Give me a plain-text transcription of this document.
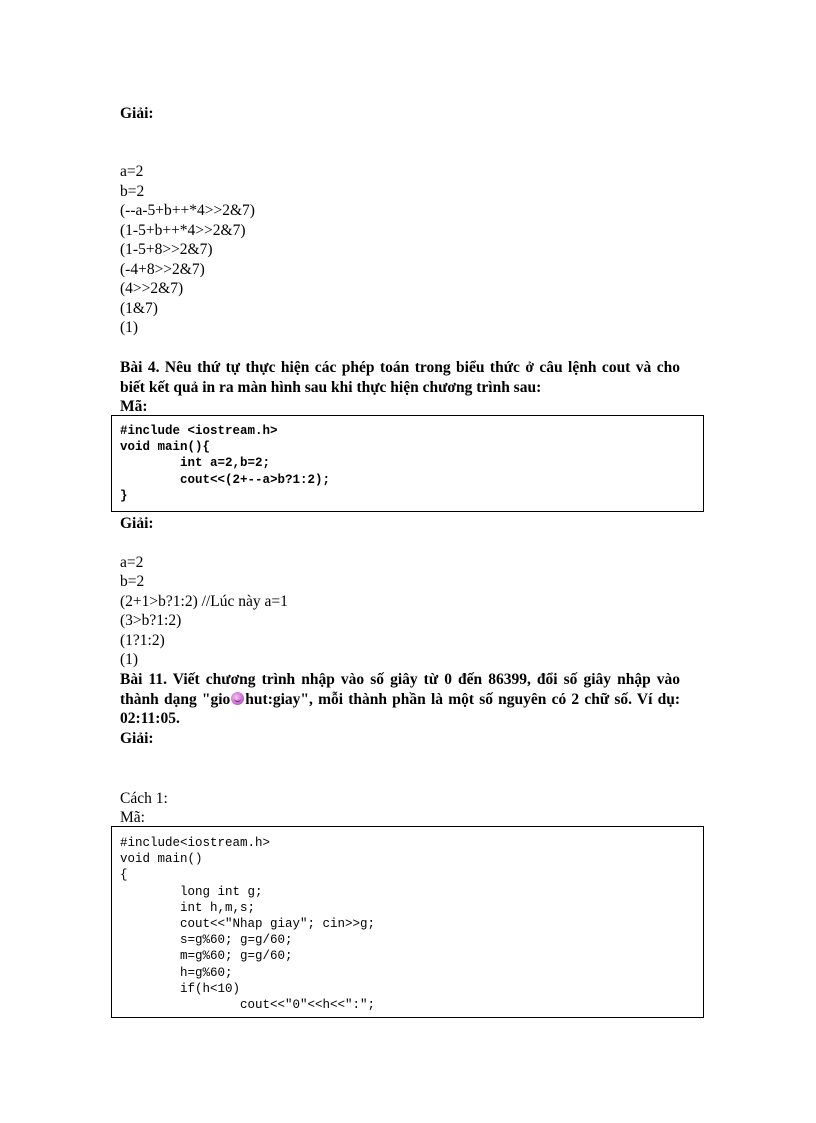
Giải:
a=2
b=2
(--a-5+b++*4>>2&7)
(1-5+b++*4>>2&7)
(1-5+8>>2&7)
(-4+8>>2&7)
(4>>2&7)
(1&7)
(1)
Bài 4. Nêu thứ tự thực hiện các phép toán trong biểu thức ở câu lệnh cout và cho
biết kết quả in ra màn hình sau khi thực hiện chương trình sau:
Mã:
#include <iostream.h>
void main(){
int a=2,b=2;
cout<<(2+--a>b?1:2);
}
Giải:
a=2
b=2
(2+1>b?1:2) //Lúc này a=1
(3>b?1:2)
(1?1:2)
(1)
Bài 11. Viết chương trình nhập vào số giây từ 0 đến 86399, đổi số giây nhập vào
thành dạng "gio hut:giay", mỗi thành phần là một số nguyên có 2 chữ số. Ví dụ:
02:11:05.
Giải:
Cách 1:
Mã:
#include<iostream.h>
void main()
{
long int g;
int h,m,s;
cout<<"Nhap giay"; cin>>g;
s=g%60; g=g/60;
m=g%60; g=g/60;
h=g%60;
if(h<10)
cout<<"0"<<h<<":";
